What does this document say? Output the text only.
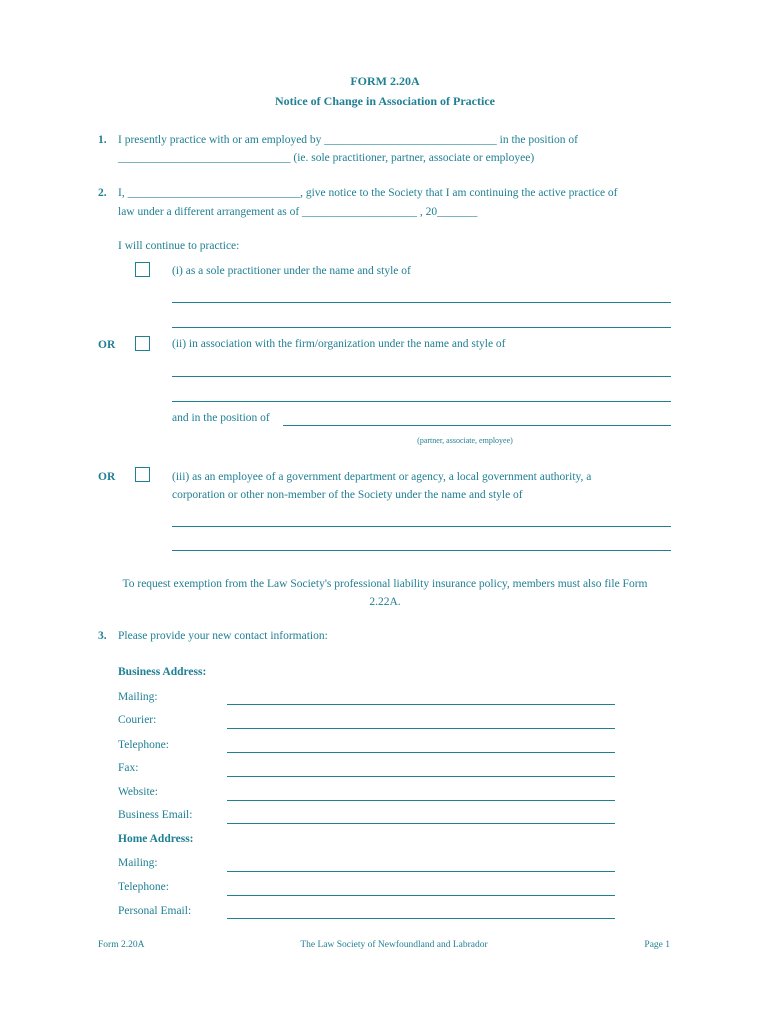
FORM 2.20A
Notice of Change in Association of Practice
1. I presently practice with or am employed by ______________________________ in the position of
______________________________ (ie. sole practitioner, partner, associate or employee)
2. I, ______________________________, give notice to the Society that I am continuing the active practice of
law under a different arrangement as of ____________________ , 20_______
I will continue to practice:
(i) as a sole practitioner under the name and style of
OR	(ii) in association with the firm/organization under the name and style of
and in the position of
(partner, associate, employee)
OR	(iii) as an employee of a government department or agency, a local government authority, a
corporation or other non-member of the Society under the name and style of
To request exemption from the Law Society's professional liability insurance policy, members must also file Form
2.22A.
3. Please provide your new contact information:
Business Address:
Mailing:
Courier:
Telephone:
Fax:
Website:
Business Email:
Home Address:
Mailing:
Telephone:
Personal Email:
Form 2.20A	The Law Society of Newfoundland and Labrador	Page 1
